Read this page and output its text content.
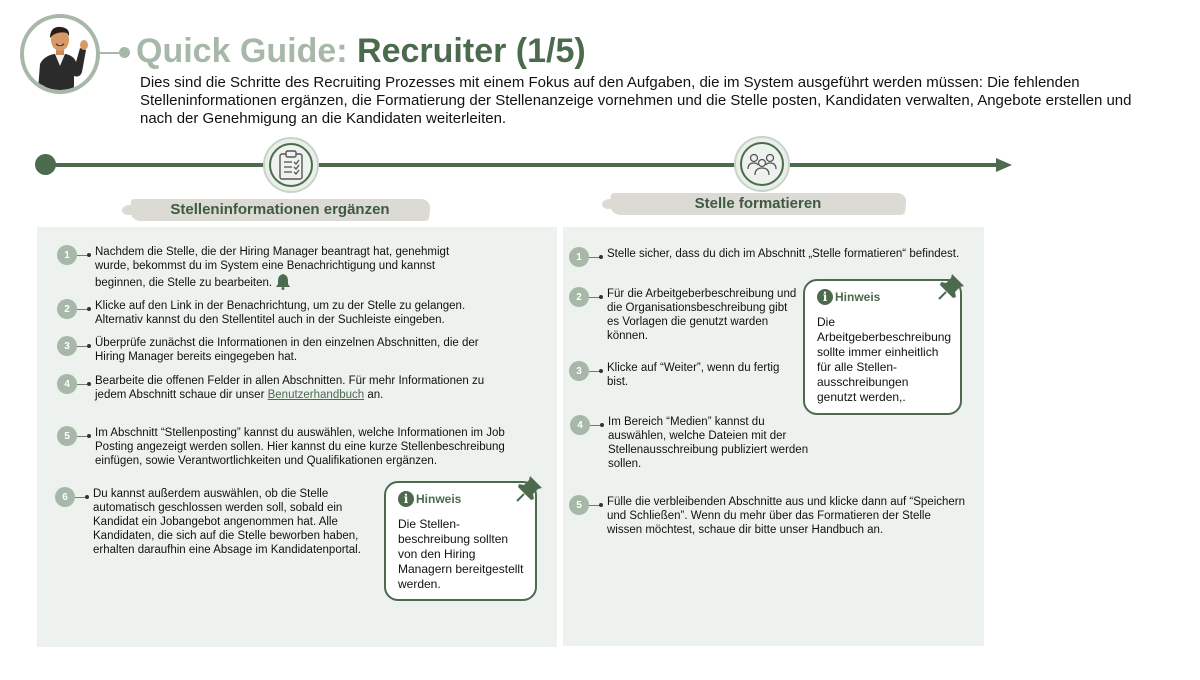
Quick Guide: Recruiter (1/5)
Dies sind die Schritte des Recruiting Prozesses mit einem Fokus auf den Aufgaben, die im System ausgeführt werden müssen: Die fehlenden Stelleninformationen ergänzen, die Formatierung der Stellenanzeige vornehmen und die Stelle posten, Kandidaten verwalten, Angebote erstellen und nach der Genehmigung an die Kandidaten weiterleiten.
Stelleninformationen ergänzen	Stelle formatieren
1	Nachdem die Stelle, die der Hiring Manager beantragt hat, genehmigt wurde, bekommst du im System eine Benachrichtigung und kannst beginnen, die Stelle zu bearbeiten.
2	Klicke auf den Link in der Benachrichtung, um zu der Stelle zu gelangen. Alternativ kannst du den Stellentitel auch in der Suchleiste eingeben.
3	Überprüfe zunächst die Informationen in den einzelnen Abschnitten, die der Hiring Manager bereits eingegeben hat.
4	Bearbeite die offenen Felder in allen Abschnitten. Für mehr Informationen zu jedem Abschnitt schaue dir unser Benutzerhandbuch an.
5	Im Abschnitt “Stellenposting” kannst du auswählen, welche Informationen im Job Posting angezeigt werden sollen. Hier kannst du eine kurze Stellenbeschreibung einfügen, sowie Verantwortlichkeiten und Qualifikationen ergänzen.
6	Du kannst außerdem auswählen, ob die Stelle automatisch geschlossen werden soll, sobald ein Kandidat ein Jobangebot angenommen hat. Alle Kandidaten, die sich auf die Stelle beworben haben, erhalten daraufhin eine Absage im Kandidatenportal.
i Hinweis
Die Stellen-beschreibung sollten von den Hiring Managern bereitgestellt werden.
1	Stelle sicher, dass du dich im Abschnitt „Stelle formatieren“ befindest.
2	Für die Arbeitgeberbeschreibung und die Organisationsbeschreibung gibt es Vorlagen die genutzt warden können.
3	Klicke auf “Weiter”, wenn du fertig bist.
4	Im Bereich “Medien” kannst du auswählen, welche Dateien mit der Stellenausschreibung publiziert werden sollen.
5	Fülle die verbleibenden Abschnitte aus und klicke dann auf “Speichern und Schließen”. Wenn du mehr über das Formatieren der Stelle wissen möchtest, schaue dir bitte unser Handbuch an.
i Hinweis
Die Arbeitgeberbeschreibung sollte immer einheitlich für alle Stellen-ausschreibungen genutzt werden,.
